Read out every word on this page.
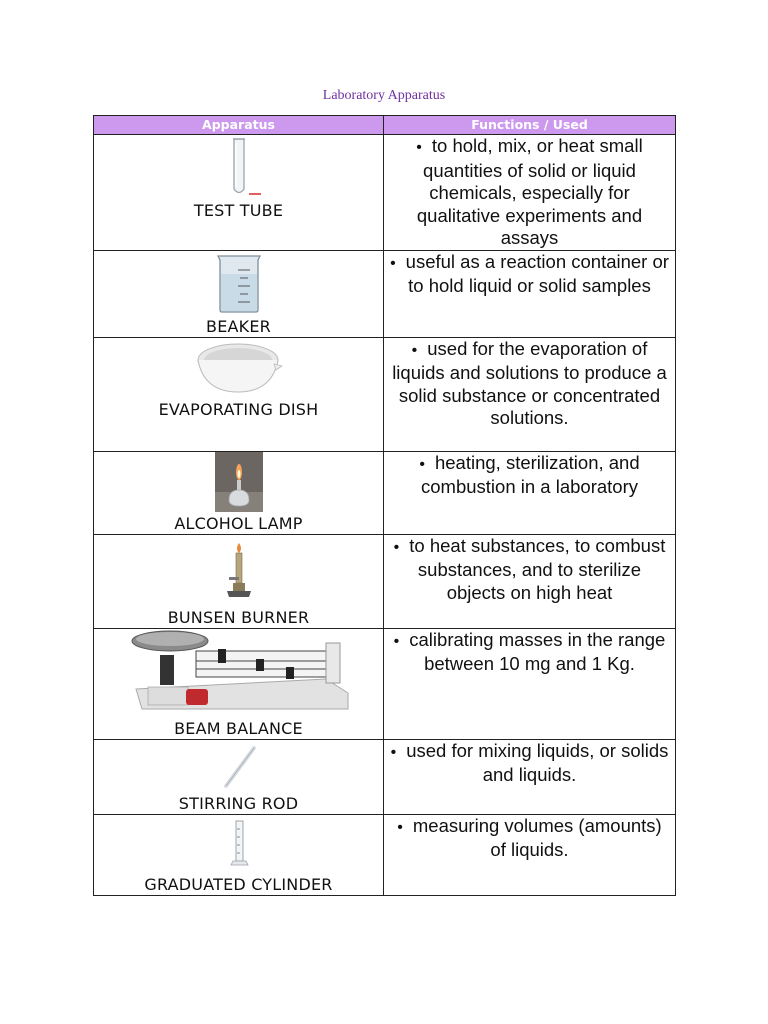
Laboratory Apparatus
Apparatus	Functions / Used

TEST TUBE	• to hold, mix, or heat small quantities of solid or liquid chemicals, especially for qualitative experiments and assays

BEAKER	• useful as a reaction container or to hold liquid or solid samples

EVAPORATING DISH	• used for the evaporation of liquids and solutions to produce a solid substance or concentrated solutions.

ALCOHOL LAMP	• heating, sterilization, and combustion in a laboratory

BUNSEN BURNER	• to heat substances, to combust substances, and to sterilize objects on high heat

BEAM BALANCE	• calibrating masses in the range between 10 mg and 1 Kg.

STIRRING ROD	• used for mixing liquids, or solids and liquids.

GRADUATED CYLINDER	• measuring volumes (amounts) of liquids.
